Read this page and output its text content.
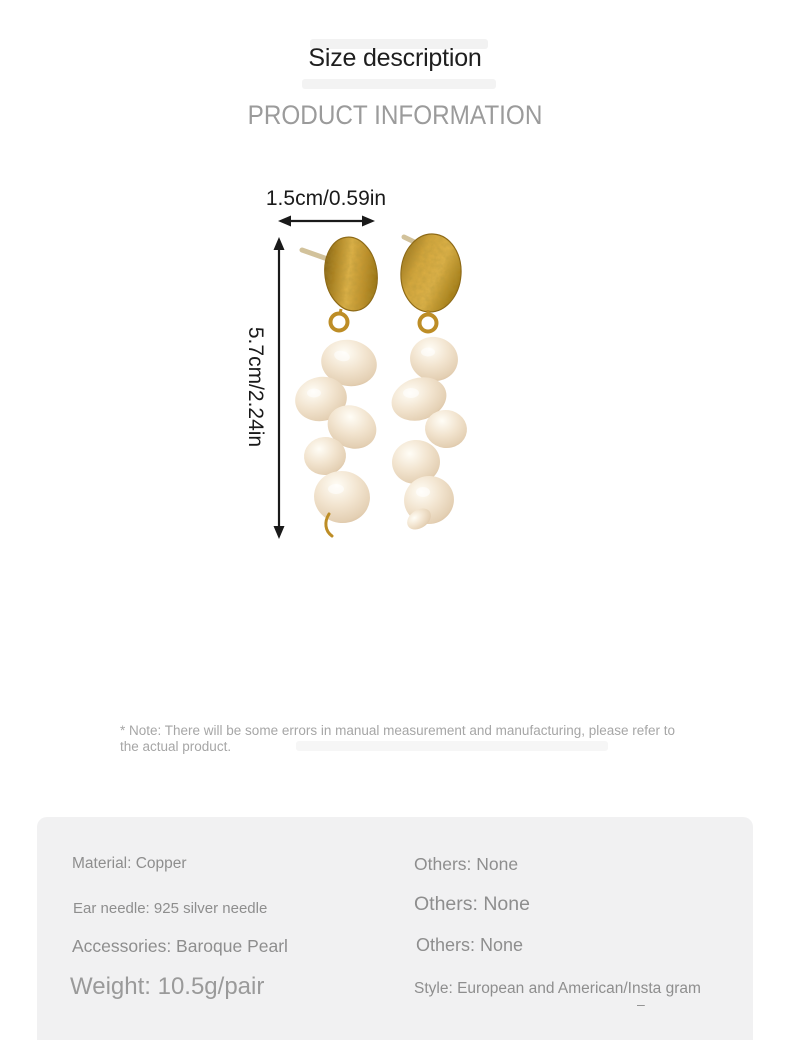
Size description
PRODUCT INFORMATION
1.5cm/0.59in
5.7cm/2.24in
* Note: There will be some errors in manual measurement and manufacturing, please refer to the actual product.
Material: Copper
Ear needle: 925 silver needle
Accessories: Baroque Pearl
Weight: 10.5g/pair
Others: None
Others: None
Others: None
Style: European and American/Insta gram
–
